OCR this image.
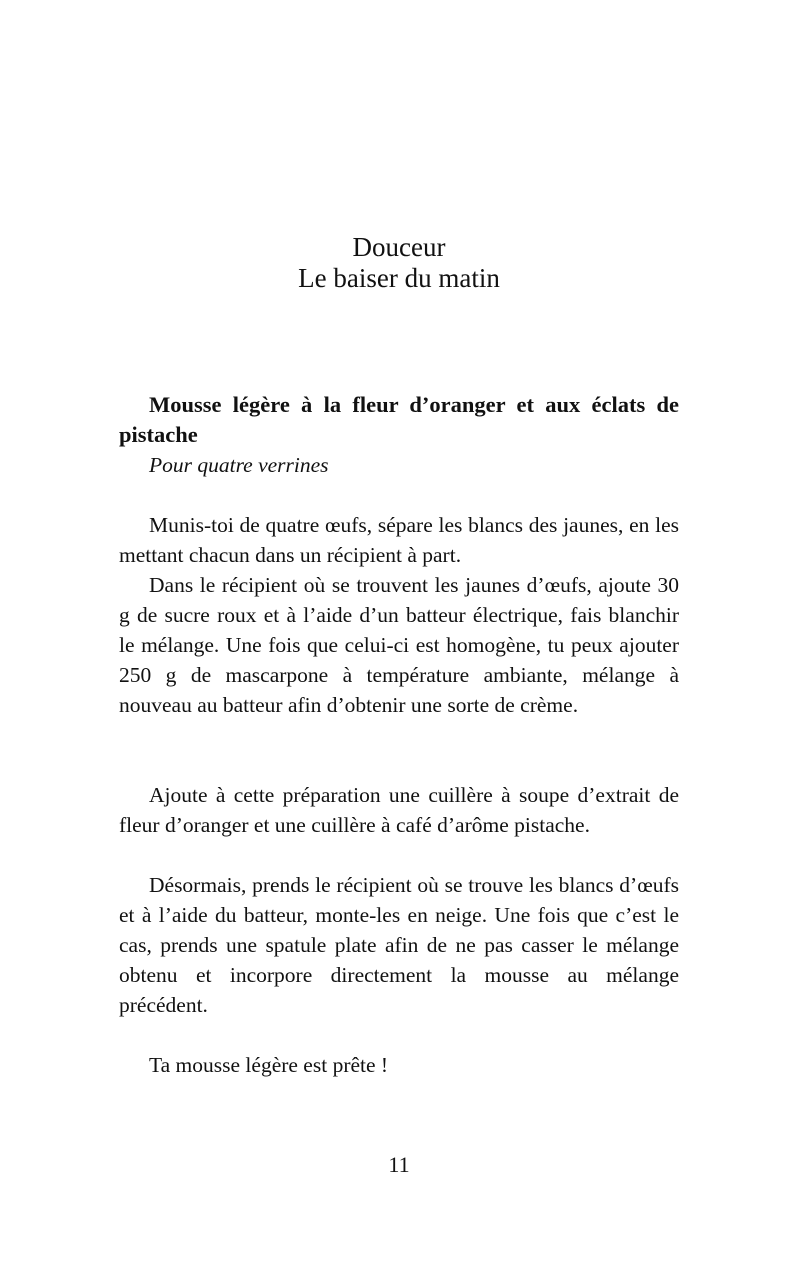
Douceur
Le baiser du matin
Mousse légère à la fleur d’oranger et aux éclats de pistache
Pour quatre verrines

Munis-toi de quatre œufs, sépare les blancs des jaunes, en les mettant chacun dans un récipient à part.

Dans le récipient où se trouvent les jaunes d’œufs, ajoute 30 g de sucre roux et à l’aide d’un batteur électrique, fais blanchir le mélange. Une fois que celui-ci est homogène, tu peux ajouter 250 g de mascarpone à température ambiante, mélange à nouveau au batteur afin d’obtenir une sorte de crème.

Ajoute à cette préparation une cuillère à soupe d’extrait de fleur d’oranger et une cuillère à café d’arôme pistache.

Désormais, prends le récipient où se trouve les blancs d’œufs et à l’aide du batteur, monte-les en neige. Une fois que c’est le cas, prends une spatule plate afin de ne pas casser le mélange obtenu et incorpore directement la mousse au mélange précédent.

Ta mousse légère est prête !

11
